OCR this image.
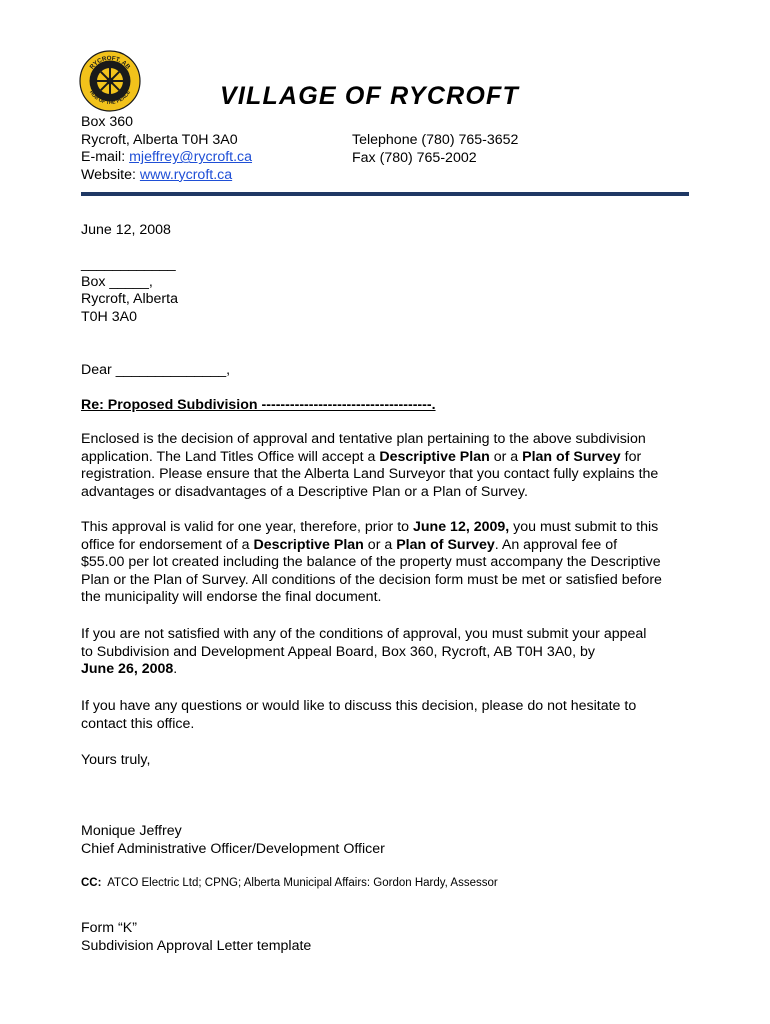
RYCROFT, AB
HUB OF THE PEACE	VILLAGE OF RYCROFT
Box 360
Rycroft, Alberta T0H 3A0
E-mail: mjeffrey@rycroft.ca
Website: www.rycroft.ca
Telephone (780) 765-3652
Fax (780) 765-2002
June 12, 2008
____________
Box _____,
Rycroft, Alberta
T0H 3A0
Dear ______________,
Re: Proposed Subdivision ------------------------------------.
Enclosed is the decision of approval and tentative plan pertaining to the above subdivision
application. The Land Titles Office will accept a Descriptive Plan or a Plan of Survey for
registration. Please ensure that the Alberta Land Surveyor that you contact fully explains the
advantages or disadvantages of a Descriptive Plan or a Plan of Survey.
This approval is valid for one year, therefore, prior to June 12, 2009, you must submit to this
office for endorsement of a Descriptive Plan or a Plan of Survey. An approval fee of
$55.00 per lot created including the balance of the property must accompany the Descriptive
Plan or the Plan of Survey. All conditions of the decision form must be met or satisfied before
the municipality will endorse the final document.
If you are not satisfied with any of the conditions of approval, you must submit your appeal
to Subdivision and Development Appeal Board, Box 360, Rycroft, AB T0H 3A0, by
June 26, 2008.
If you have any questions or would like to discuss this decision, please do not hesitate to
contact this office.
Yours truly,
Monique Jeffrey
Chief Administrative Officer/Development Officer
CC:  ATCO Electric Ltd; CPNG; Alberta Municipal Affairs: Gordon Hardy, Assessor
Form “K”
Subdivision Approval Letter template
